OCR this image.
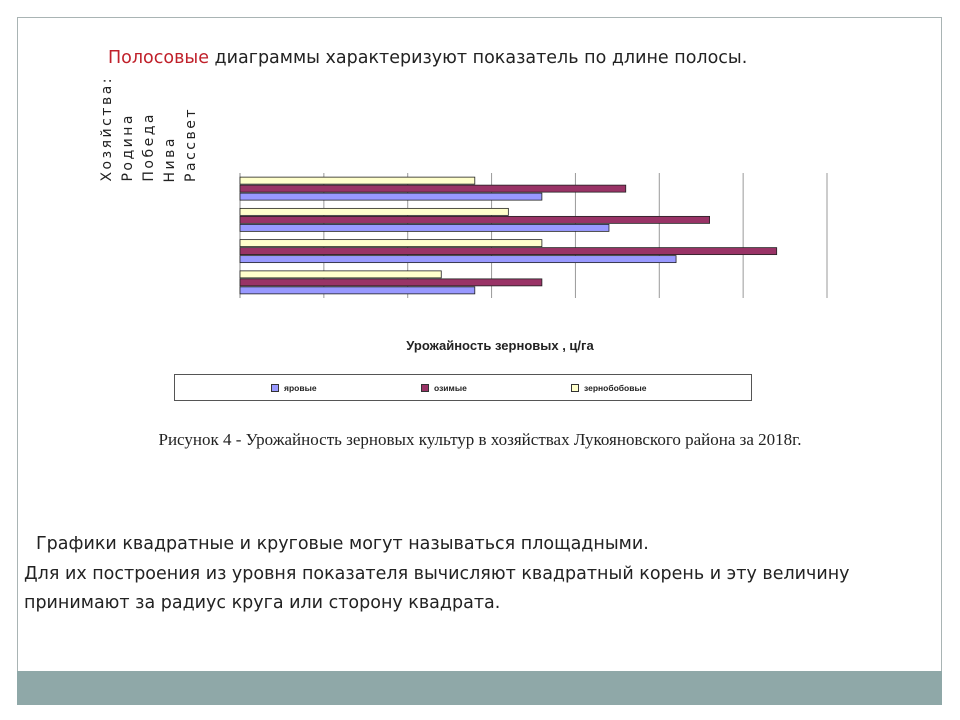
Полосовые диаграммы характеризуют показатель по длине полосы.
Хозяйства: Родина Победа Нива Рассвет
Урожайность зерновых , ц/га
яровые	озимые	зернобобовые
Рисунок 4 - Урожайность зерновых культур в хозяйствах Лукояновского района за 2018г.
Графики квадратные и круговые могут называться площадными.
Для их построения из уровня показателя вычисляют квадратный корень и эту величину
принимают за радиус круга или сторону квадрата.
